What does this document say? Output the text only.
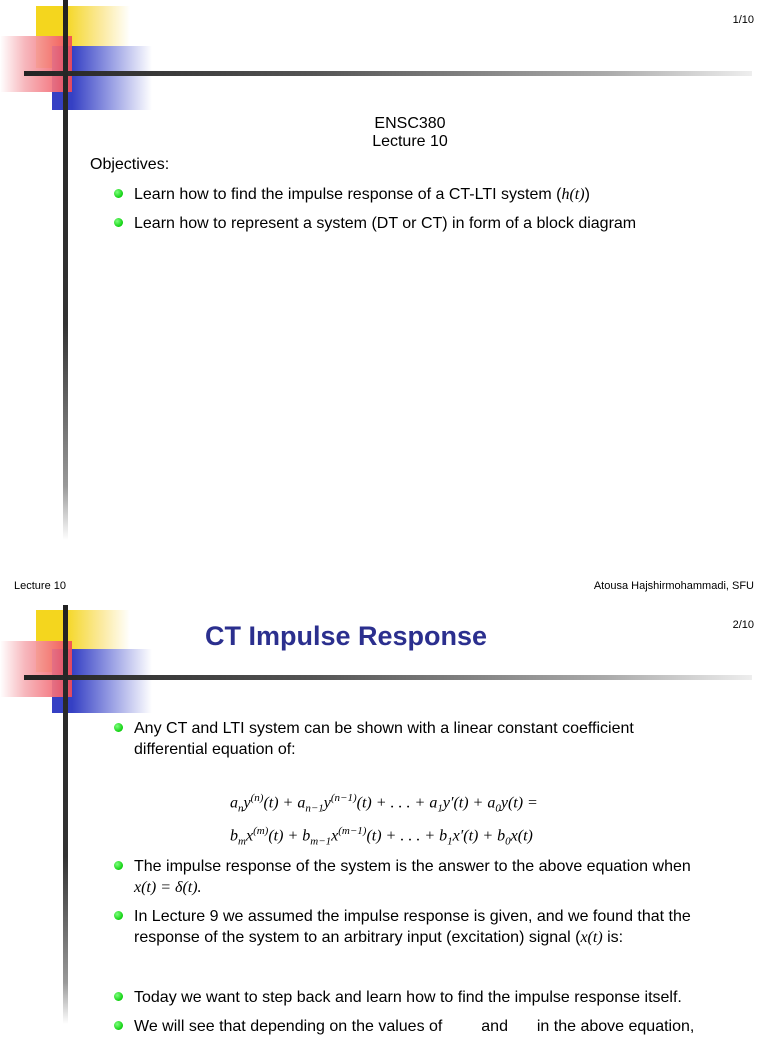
1/10
ENSC380
Lecture 10
Objectives:
Learn how to find the impulse response of a CT-LTI system (h(t))
Learn how to represent a system (DT or CT) in form of a block diagram
Lecture 10	Atousa Hajshirmohammadi, SFU
2/10
CT Impulse Response
Any CT and LTI system can be shown with a linear constant coefficient
differential equation of:
$a_ny^{(n)}(t) + a_{n-1}y^{(n-1)}(t)$ + . . . + $a_1y'(t) + a_0y(t)$ =
$b_mx^{(m)}(t) + b_{m-1}x^{(m-1)}(t)$ + . . . + $b_1x'(t) + b_0x(t)$
The impulse response of the system is the answer to the above equation when
x(t) = δ(t).
In Lecture 9 we assumed the impulse response is given, and we found that the
response of the system to an arbitrary input (excitation) signal (x(t) is:
Today we want to step back and learn how to find the impulse response itself.
We will see that depending on the values of and in the above equation,
